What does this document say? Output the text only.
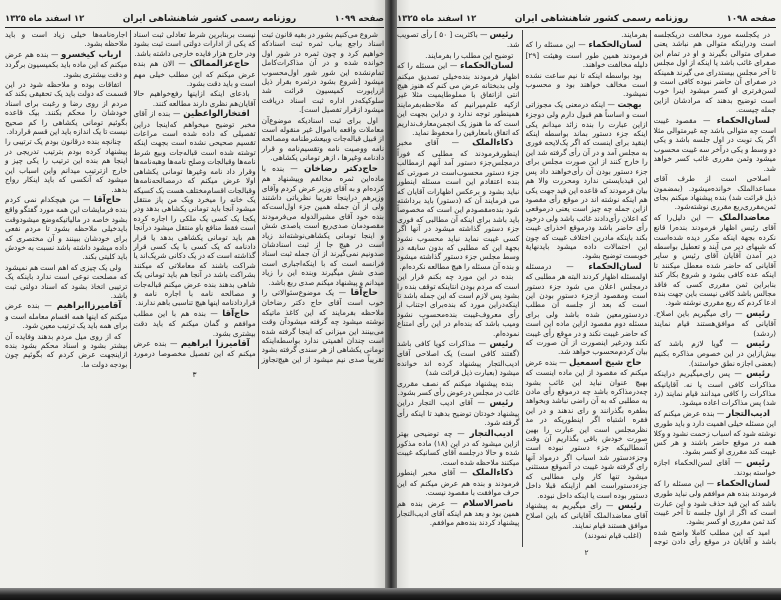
صفحه ۱۰۹۹
روزنامه رسمی کشور شاهنشاهی ایران
۱۲ اسفند ماه ۱۳۲۵

شروع می‌کنیم بشور در بقیه قانون ثبت اسناد راجع بباب ثمره ثبت اسناد‌که خواهیم کرد و چون ثمره در شور اول خوانده شده و در آن مذاکرات‌کامل تمام‌نشده این شور شور اول‌محسوب میشود [شروع بشود درثمره بقرار ذیل ازراپورت کمیسیون قرائت شد سلوکیکه‌در اداره ثبت اسناد دریافت میشود ازقرار تفصیل است].

اول برای ثبت اسنادیکه موضوع‌آن معاملات واقعه بااموال غیر منقوله است از قبیل قباله‌جات وبیعشرطنامه ومصالحه نامه ووصیت نامه وتقسیم‌نامه و قرار دادنامه وغیرها ، ازهر تومانی یکشاهی.

حاج‌دکتر رضاخان — بنده با ماده‌این ثمره مخالفم وپیشنهاد هم کرده‌ام و به آقای وزیر عرض کردم وآقای وزیرهم دراینجا تقریبا نظریاتی داشتند ولی از آن جمله همین جزء اول‌است‌که بنده خود آقای مشیرالدوله می‌فرمودند مقصودمان صدی‌ربع است یاصدی شش و اینجا تومانی یکشاهی‌نوشته‌اند زیاد است در هیچ جا از ثبت اسنادشان صدونیم نمی‌گیرند از آن جمله ثبت اسناد فرانسه است که با اینکه‌اجباری است صدی شش میگیرند وبنده این را زیاد میدانم و پیشنهاد میکنم صدی ربع باشد.

حاج‌آقا — یک موضوع‌سئوالاتی را خوب است آقای حاج دکتر رضاخان ملاحظه بفرمایند که این کاغذ ماتیکه نوشته میشود چه گرفته میشودآن وقت می‌بینند این میزانی که اینجا گرفته شده است چندان اهمیتی ندارد بواسطه‌اینکه تومانی یکشاهی از هر سندی گرفته بشود تقریباً صدی نیم میشود از این هیچ‌تجاوز نیست بر‌بنابرین شرط تعادلی ثبت اسناد که یکی از ادارات دولتی است ثبت بشود ودر خارج هزار فایده خارجی داشته باشد.

حاج‌عزالممالک — الان هم بنده عرض میکنم که این مطلب خیلی مهم است و باید دقت بشود.

بادعای اینکه ازاینها رفع‌خواهیم حالا آقایان‌هم نظری دارند مطالعه کنند.

افتخارالواعظین — بنده از آقای مخبر توضیح میخواهم که‌اینجا دراین تفصیلی که داده شده است مراعات تقسیم صحیحی نشده است بجهت اینکه‌ توشته شده است قباله‌جات وبیع شرط نامه‌ها وقبالجات وصلح نامه‌ها وهبه‌نامه‌ها وقرار داد نامه وغیرها تومانی یکشاهی اولا عرض میکنم که درمصالحه‌نامه‌ها وقبالجات اقسام‌مختلف هست یک کسیکه یک خانه را میخرد ویک من پاز منتقل میشود آنجا باید تومانی یکشاهی بدهد ودر یکجا یک کسی یک ملکی را اجاره کرده است فقط منافع باو منتقل میشود درآنجا هم باید تومانی یکشاهی بدهد یا قرار دادنامه که یک کسی با یک کسی قرار گذاشته است که در یک دکانی شریک‌اند یا شراکت باشند که معاملاتی که میکنند بشراکت باشد در آنجا هم باید تومانی یک شاهی بدهند بنده عرض میکنم قباله‌جات و مصالحه نامه با اجاره نامه و قراردادنامه اینها هیچ تناسبی باهم ندارند.

حاج‌آقا — بنده هم با این مطلب موافقم و گمان میکنم که باید دقت بیشتری بشود.

آقامیرزا ابراهیم — بنده عرض میکنم که این تفصیل مخصوصا درمورد اجاره‌نامه‌ها خیلی زیاد است و باید ملاحظه بشود.

ارباب کیخسرو — بنده هم عرض میکنم که این ماده باید بکمیسیون برگردد و دقت بیشتری بشود.

اتفاقات بوده و ملاحظه شود در این قسمت که دولت باید یک تحقیقی بکند که مردم از روی رضا و رغبت برای اسناد خودشان را محکم بکنند. بیک قاعده بگوئیم تومانی یکشاهی را کم صحیح نیست تا یک اندازه باید این قسم قرارداد.

چنانچه بنده درقانون بودم یک ترتیبی را پیشنهاد کرده بودم بترتیب تدریجی در اینجا هم بنده این ترتیب را یکی چیز و خارج ازترتیب میدانم واین اسباب این میشود که آنکسی که باید اینکار رواج بدهد.

حاج‌آقا — من هیچکدام نمی کردم بنده فرمایشات این همه مورد گفتگو واقع بشود خاصه در مالیاتیکه‌وضع میشود‌وقت باید‌خیلی ملاحظه بشود تا مردم نفعی برای خودشان ببینند و آن مختصری که داده میشود داشته باشد نسبت به خودش باید کلیتی بکند.

ولی یک چیزی که اهم است هم نمیشود که مصلحت نوعی است ندارد باینکه یک ترتیبی اتخاذ بشود که اسناد دولتی ثبت باشد.

آقامیرزاابراهیم — بنده عرض میکنم که اینها همه اقسام معامله است و برای همه باید یک ترتیب معین شود.

که از روی میل مردم بدهند وفایده آن بیشتر بشود و اسناد محکم بشود بنده ازاینجهت عرض کردم که بگوئیم چون بودجه دولت ما.

۳
صفحه ۱۰۹۸
روزنامه رسمی کشور شاهنشاهی ایران
۱۲ اسفند ماه ۱۳۲۵

در یکجلسه مورد مخالفت دریکجلسه است ودراینکه متوالی هم نباشد یعنی صفرای متوالی بگیرند و او در تمام این صفرای غائب باشد یا اینکه از اول مجلس تا آخر مجلس بیستدرای می گیرند همینکه در صفرای آن حاضر نبوده کافی است و لسن‌فرتری او کسر میشود اینرا خوب است توضیح بدهند که مرادشان ازاین جمله چیست.

لسان‌الحکماء — مقصود غیبت است چه متوالی باشد چه غیرمتوالی مثلا اگر یک نوبت در اول جلسه باشد و یکی دو وسط و یکی درآخر سه غیبت محسوب میشود وثمن مقرری غائب کسر خواهد شد.

اصلاحی است از طرف آقای مساعدالملک خوانده‌میشود. (بمضمون ذیل قرائت شد) بنده پیشنهاد میکنم بجای ثمن‌مقرری‌ربع مقرری نوشته‌شود.

معاضدالملک — این دلیل‌را که آقای رئیس اظهار فرمودند بنده‌را قانع نکرده بجهة اینکه مکرر دیده شده‌است که شبهای دیر می آیند و تعطیل بواسطه دیر آمدن آقایان آقای رئیس و سایر آقایانی که حاضر شده معطل میکنند تا اینکه عده کافی بشود و شروع بکار کند بنابراین ثمن مقرری کسی که فاقد مجالس باشد کافی نیست باین جهت بنده ادعا کردم که ربع مقرری نوشته شود.

رئیس — رای میگیریم باین اصلاح. آقایانی که موافق‌هستند قیام نمایند (ردشد)

رئیس — گویا لازم باشد که بیش‌ازاین در این خصوص مذاکره بکنیم (بعضی اجازه نطق خواستند).

رئیس — پس رای‌میگیریم دراینکه مذاکرات کافی است یا نه. آقایانیکه مذاکرات را کافی میدانند قیام نمایند (رد شد) پس مذاکرات اعاده میشود.

ادیب‌التجار — بنده عرض میکنم که این مسئله خیلی اهمیت دارد و باید طوری نوشته شود که اسباب زحمت نشود و وکلا همه در موقع حاضر باشند و هر کس غیبت کند مقرری او کسر بشود.

رئیس — آقای لسن‌الحکماء اجازه خواسته بودند.

لسان‌الحکماء — این مسئله را که فرمودند بنده هم موافقم ولی نباید طوری باشد که این قید حذف شود و این عبارت است که اگر از اول جلسه‌ تا آخر غیبت کند ثمن مقرری او کسر بشود.

امید که این مطلب کاملا واضح شده باشد و آقایان در موقع رأی دادن توجه بفرمایند.

لسان‌الحکماء — این مسئله را که فرمودند همین طور است وهیئت [۲۹] دلیله مخالفت خواهند.

بود بواسطه اینکه تا نیم ساعت نشده است مخالف خواهند بود و محسوب نمیشود.

بهجت — اینکه درمعنی یک مجوزاتی است و اساساً هم قبول دارم ولی دوجزء ازاین عبارت را بنده زائد میدانم یکی اینکه جزء دستور بماند بواسطه اینکه اینقید برای اینست که اگر یک‌لایحه فوری به مجلس آمد و در آن رأی گرفته شد این را خارج کنند از این صورت مجلس برای جزء دستور بودن آن رأی‌خواهند داد پس این قیدبایستی ندارد ومحررت والا هم بیان فرمودند که قاعده این قید جهت یکی هم اینکه نوشته اند در موقع رأی مقصود ازاین جمله چه چیز است یعنی درموقعی که اعلان رأی‌دادند غائب باشد ولی درخود رأی حاضر باشد ودرموقع اخذرای غیبت بکند باینکه مادرین اختلاف غیبت که چون این احتمالات داده میشود بایدنهایة خوبست توضیح بشود.

لسان‌الحکماء — درمسئله اولمسئله اظهار کردند البته هر مطلبی که درمجلس اعلان می شود جزء دستور است ومقصود ازجزء دستور بودن این است که بعد از جلسه آن مطلب دردستورمعین شده باشد ولی برای مسئله دوم مقصود ازاین ماده این است که حاضر غیبت نکند و در موقع رأی غیبت نکند ودرغیر اینصورت از آن صورت که بیان کردم‌محسوب خواهد شد.

حاج شیخ اسمعیل — بنده عرض میکنم که مقصود از این ماده اینست که بهیچ عنوان نباید این غائب بشود چه‌درمذاکره باشد چه درموقع رأی مادن به مطلبی که به آن راضی نباشد وبخواهد بطفره بگذرانند و رای ندهند و در این فقره اشتباه اگر اینطوریکه در مد نظرمجلس است این عبارت را بهین صورت خودش باقی بگذاریم آن وقت آنمطالبیکه جزء دستور نبوده است وجزءدستور شد اسباب اگر درمواد آنها رای گرفته شود غیبت در آنموقع مستثنی میشود تنها کار ولی مطالبی که جزءدستوراست اهم ازاینکه قبلا داخل دستور بوده است یا اینکه داخل نبوده.

رئیس — رای میگیریم به پیشنهاد آقای معاضدالملک آقایانی که باین اصلاح موافق هستند قیام نمایند.

(اغلب قیام نمودند)

رئیس — باکثریت [ ۵۰ ] رأی تصویب شد.

توضیح این مطلب را بفرمایند.

لسان‌الحکماء — این مسئله را که اظهار فرمودند بنده‌خیلی تصدیق میکنم ولی بدبختانه عرض می کنم که هنوز هیچ انتی ازاتفاق با مملوطایمیت مثلا غیر ازکیه علم‌میرانیم که ملاحظه‌بفرمایند همینطور توجه ندارد و دراین بجهت این است که ما هنوز یک انجمن‌معارف‌نداریم که اتفاق با‌معارفین را محفوظ نماید.

ذکاءالملک — آقای مخبر اینطورفرمودند که مطلبی که فوراً درمجلس‌جزء دستور آمد آنهم ازمطالب جزء دستور محسوب‌است در صورتی که بنده اعتقادم این است مسئله اینطور نباید بشود و برعکس اظهارات آقایان که می فرمایند آن که (دستور) باید برداشته شود بنده‌مقصودم این است که مخصوصاً باید باشد برای اینکه آن مطالبی که فوری جزء دستور گذاشته میشود در آنها اگر کسی غیبت نماید نباید محسوب نشود بجهة این که مطلبی که بدون سابقه در وسط مجلس جزء دستور گذاشته میشود و بنده آن مسئله را هیچ مطالعه نکرده‌ام.

بنده در این مورد چه بکنم قرار این است که مردم بودن انتاینکه توقف بنده را بشود پس لازم است که این جمله باشد تا اینکه‌دراین مورد که بنده‌برای اجتناب از رأی‌ معروف‌غیبت بنده‌محسوب نشود ومیب باشد که بنده‌ام در این رأی امتناع نموده‌ام.

رئیس — مذاکرات کویا کافی باشد (گفتند کافی است) یک اصلاحی آقای ادیب‌التجار پیشنهاد کرده اند خوانده میشود (بعبارت ذیل قرائت شد)

بنده پیشنهاد میکنم که نصف مقرری غائب در مجلس درعوض رأی کسر بشود.

رئیس — آقای ادیب التجار دراین پیشنهاد خودتان توضیح بدهید تا اینکه رأی گرفته شود.

ادیب‌التجار — چه توضیحی بهتر ازاین میشود که در این (۱۸) ماده مذکور شده و حالا درجلسه آقای کسانیکه غیبت میکنند ملاحظه شده است.

ذکاءالملک — آقای مخبر اینطور فرمودند و بنده هم عرض میکنم که این حرف موافقت با مقصود نیست.

ناصرالاسلام — عرض بنده هم همین بود و بعد هم اینکه آقای ادیب‌التجار پیشنهاد کردند بنده‌هم موافقم.

۲
